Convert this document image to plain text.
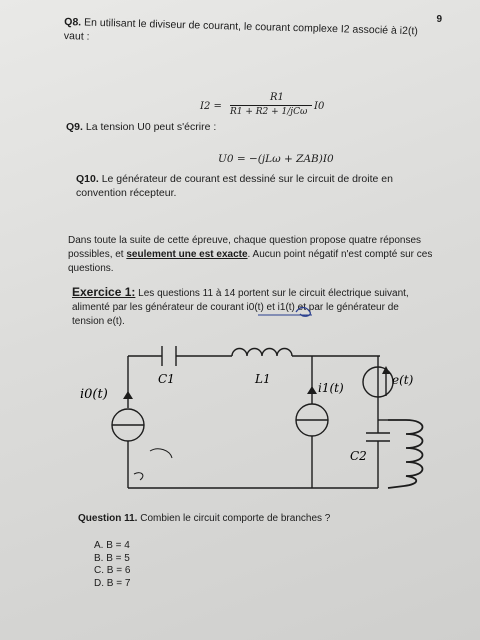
9
Q8. En utilisant le diviseur de courant, le courant complexe I2 associé à i2(t)
vaut :
I2 =
R1
R1 + R2 + 1/jCω I0
Q9. La tension U0 peut s'écrire :
U0 = −(jLω + ZAB)I0
Q10. Le générateur de courant est dessiné sur le circuit de droite en
convention récepteur.
Dans toute la suite de cette épreuve, chaque question propose quatre réponses
possibles, et seulement une est exacte. Aucun point négatif n'est compté sur ces
questions.
Exercice 1: Les questions 11 à 14 portent sur le circuit électrique suivant,
alimenté par les générateur de courant i0(t) et i1(t) et par le générateur de
tension e(t).
C1	L1
i0(t)	i1(t)
e(t)
C2
Question 11. Combien le circuit comporte de branches ?
A. B = 4
B. B = 5
C. B = 6
D. B = 7
